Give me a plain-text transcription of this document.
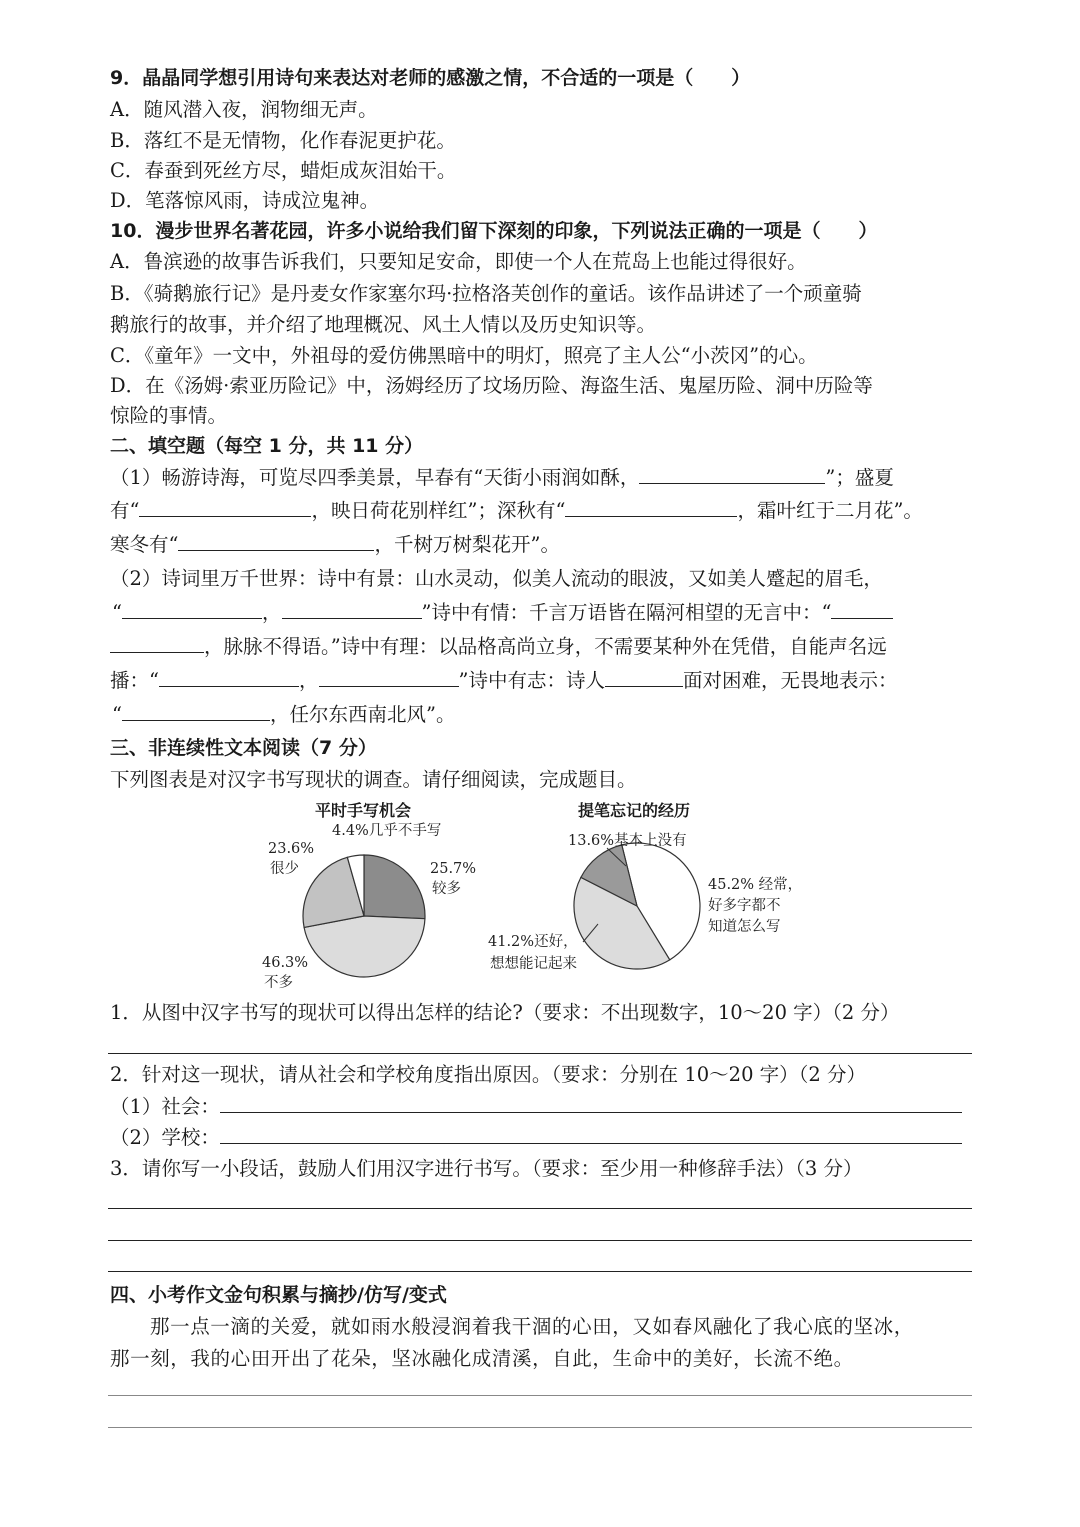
9．晶晶同学想引用诗句来表达对老师的感激之情，不合适的一项是（　　）
A．随风潜入夜，润物细无声。
B．落红不是无情物，化作春泥更护花。
C．春蚕到死丝方尽，蜡炬成灰泪始干。
D．笔落惊风雨，诗成泣鬼神。
10．漫步世界名著花园，许多小说给我们留下深刻的印象，下列说法正确的一项是（　　）
A．鲁滨逊的故事告诉我们，只要知足安命，即使一个人在荒岛上也能过得很好。
B．《骑鹅旅行记》是丹麦女作家塞尔玛·拉格洛芙创作的童话。该作品讲述了一个顽童骑
鹅旅行的故事，并介绍了地理概况、风土人情以及历史知识等。
C．《童年》一文中，外祖母的爱仿佛黑暗中的明灯，照亮了主人公“小茨冈”的心。
D．在《汤姆·索亚历险记》中，汤姆经历了坟场历险、海盗生活、鬼屋历险、洞中历险等
惊险的事情。
二、填空题（每空 1 分，共 11 分）
（1）畅游诗海，可览尽四季美景，早春有“天街小雨润如酥，	”；盛夏
有“	，映日荷花别样红”；深秋有“	，霜叶红于二月花”。
寒冬有“	，千树万树梨花开”。
（2）诗词里万千世界：诗中有景：山水灵动，似美人流动的眼波，又如美人蹙起的眉毛，
“	，	”诗中有情：千言万语皆在隔河相望的无言中：“
，脉脉不得语。”诗中有理：以品格高尚立身，不需要某种外在凭借，自能声名远
播：“	，	”诗中有志：诗人	面对困难，无畏地表示：
“	，任尔东西南北风”。
三、非连续性文本阅读（7 分）
下列图表是对汉字书写现状的调查。请仔细阅读，完成题目。
平时手写机会	提笔忘记的经历
25.7%
较多
46.3%
不多
23.6%
很少
4.4%几乎不手写
45.2% 经常，
好多字都不
知道怎么写
41.2%还好，
想想能记起来
13.6%基本上没有
1．从图中汉字书写的现状可以得出怎样的结论?（要求：不出现数字，10～20 字）（2 分）
2．针对这一现状，请从社会和学校角度指出原因。（要求：分别在 10～20 字）（2 分）
（1）社会：
（2）学校：
3．请你写一小段话，鼓励人们用汉字进行书写。（要求：至少用一种修辞手法）（3 分）
四、小考作文金句积累与摘抄/仿写/变式
那一点一滴的关爱，就如雨水般浸润着我干涸的心田，又如春风融化了我心底的坚冰，
那一刻，我的心田开出了花朵，坚冰融化成清溪，自此，生命中的美好，长流不绝。
